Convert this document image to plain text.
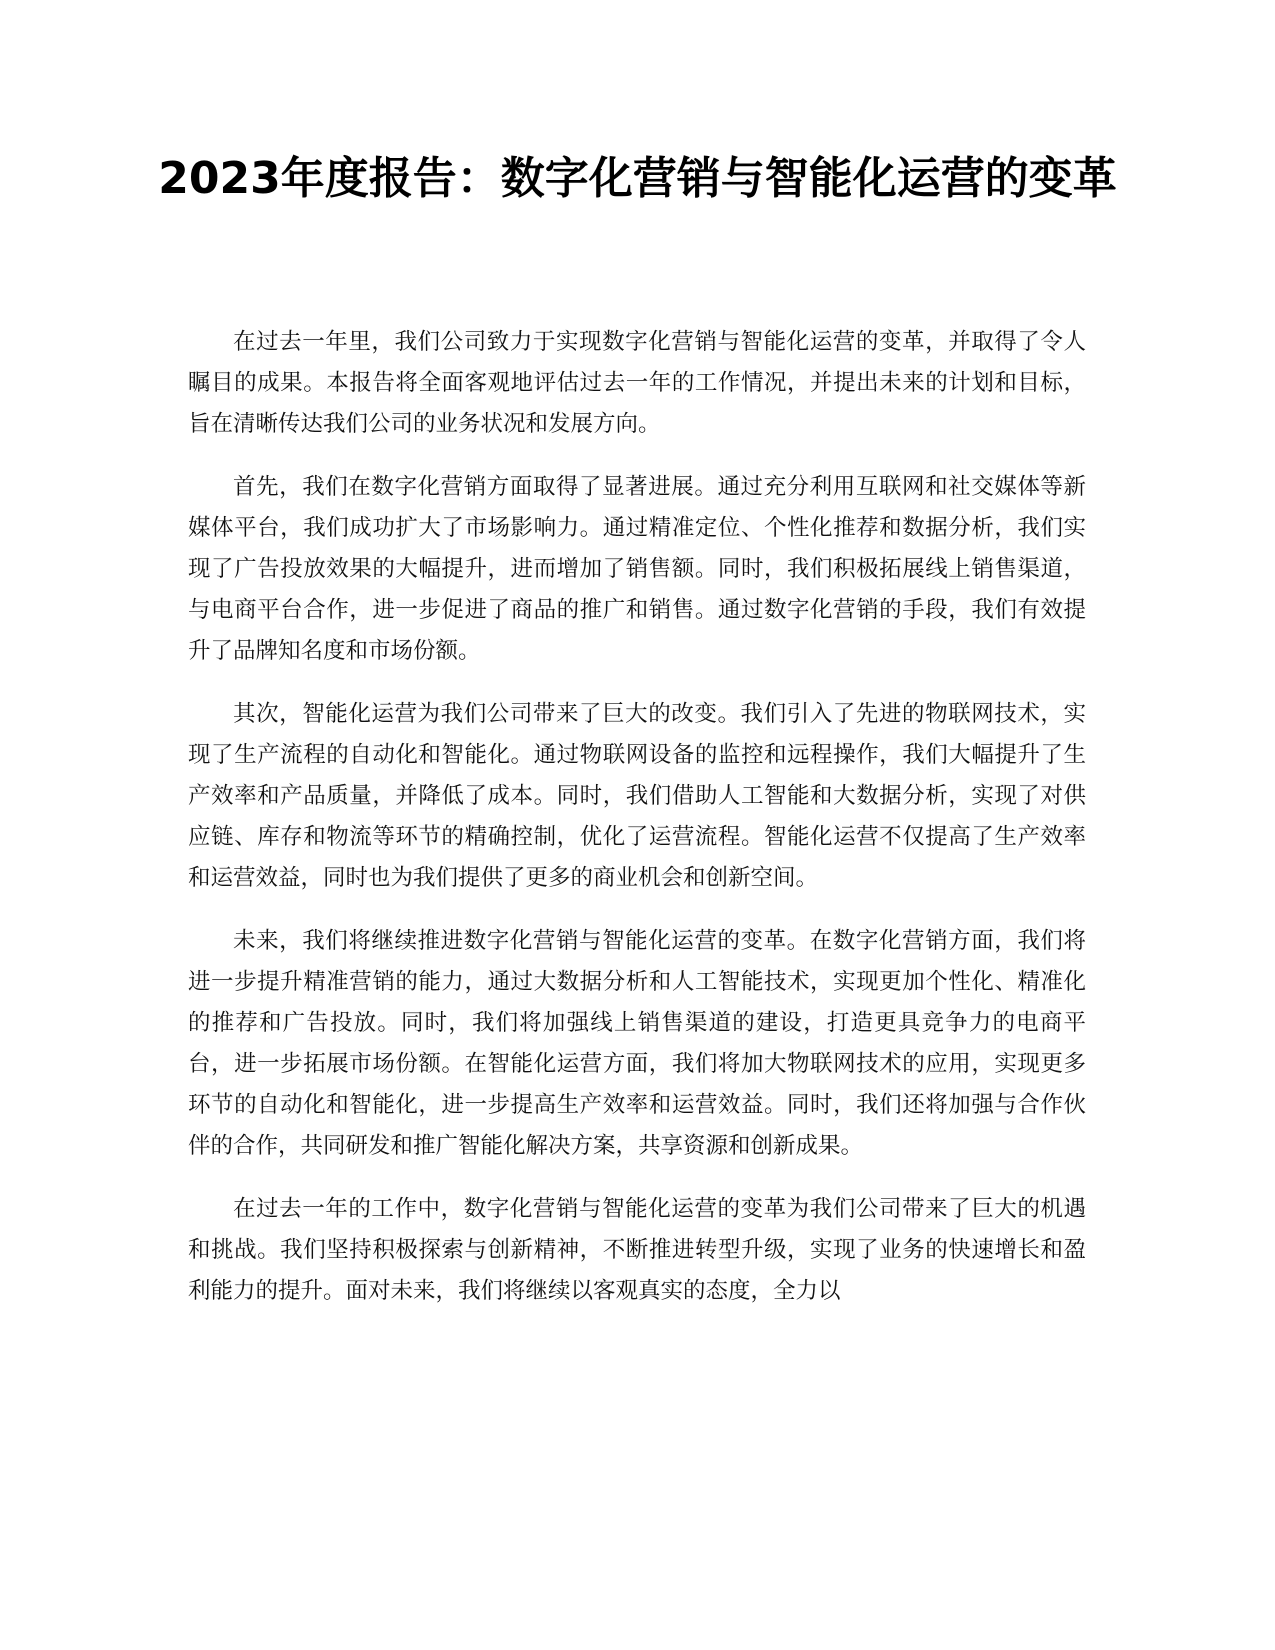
2023年度报告：数字化营销与智能化运营的变革

在过去一年里，我们公司致力于实现数字化营销与智能化运营的变革，并取得了令人瞩目的成果。本报告将全面客观地评估过去一年的工作情况，并提出未来的计划和目标，旨在清晰传达我们公司的业务状况和发展方向。

首先，我们在数字化营销方面取得了显著进展。通过充分利用互联网和社交媒体等新媒体平台，我们成功扩大了市场影响力。通过精准定位、个性化推荐和数据分析，我们实现了广告投放效果的大幅提升，进而增加了销售额。同时，我们积极拓展线上销售渠道，与电商平台合作，进一步促进了商品的推广和销售。通过数字化营销的手段，我们有效提升了品牌知名度和市场份额。

其次，智能化运营为我们公司带来了巨大的改变。我们引入了先进的物联网技术，实现了生产流程的自动化和智能化。通过物联网设备的监控和远程操作，我们大幅提升了生产效率和产品质量，并降低了成本。同时，我们借助人工智能和大数据分析，实现了对供应链、库存和物流等环节的精确控制，优化了运营流程。智能化运营不仅提高了生产效率和运营效益，同时也为我们提供了更多的商业机会和创新空间。

未来，我们将继续推进数字化营销与智能化运营的变革。在数字化营销方面，我们将进一步提升精准营销的能力，通过大数据分析和人工智能技术，实现更加个性化、精准化的推荐和广告投放。同时，我们将加强线上销售渠道的建设，打造更具竞争力的电商平台，进一步拓展市场份额。在智能化运营方面，我们将加大物联网技术的应用，实现更多环节的自动化和智能化，进一步提高生产效率和运营效益。同时，我们还将加强与合作伙伴的合作，共同研发和推广智能化解决方案，共享资源和创新成果。

在过去一年的工作中，数字化营销与智能化运营的变革为我们公司带来了巨大的机遇和挑战。我们坚持积极探索与创新精神，不断推进转型升级，实现了业务的快速增长和盈利能力的提升。面对未来，我们将继续以客观真实的态度，全力以
